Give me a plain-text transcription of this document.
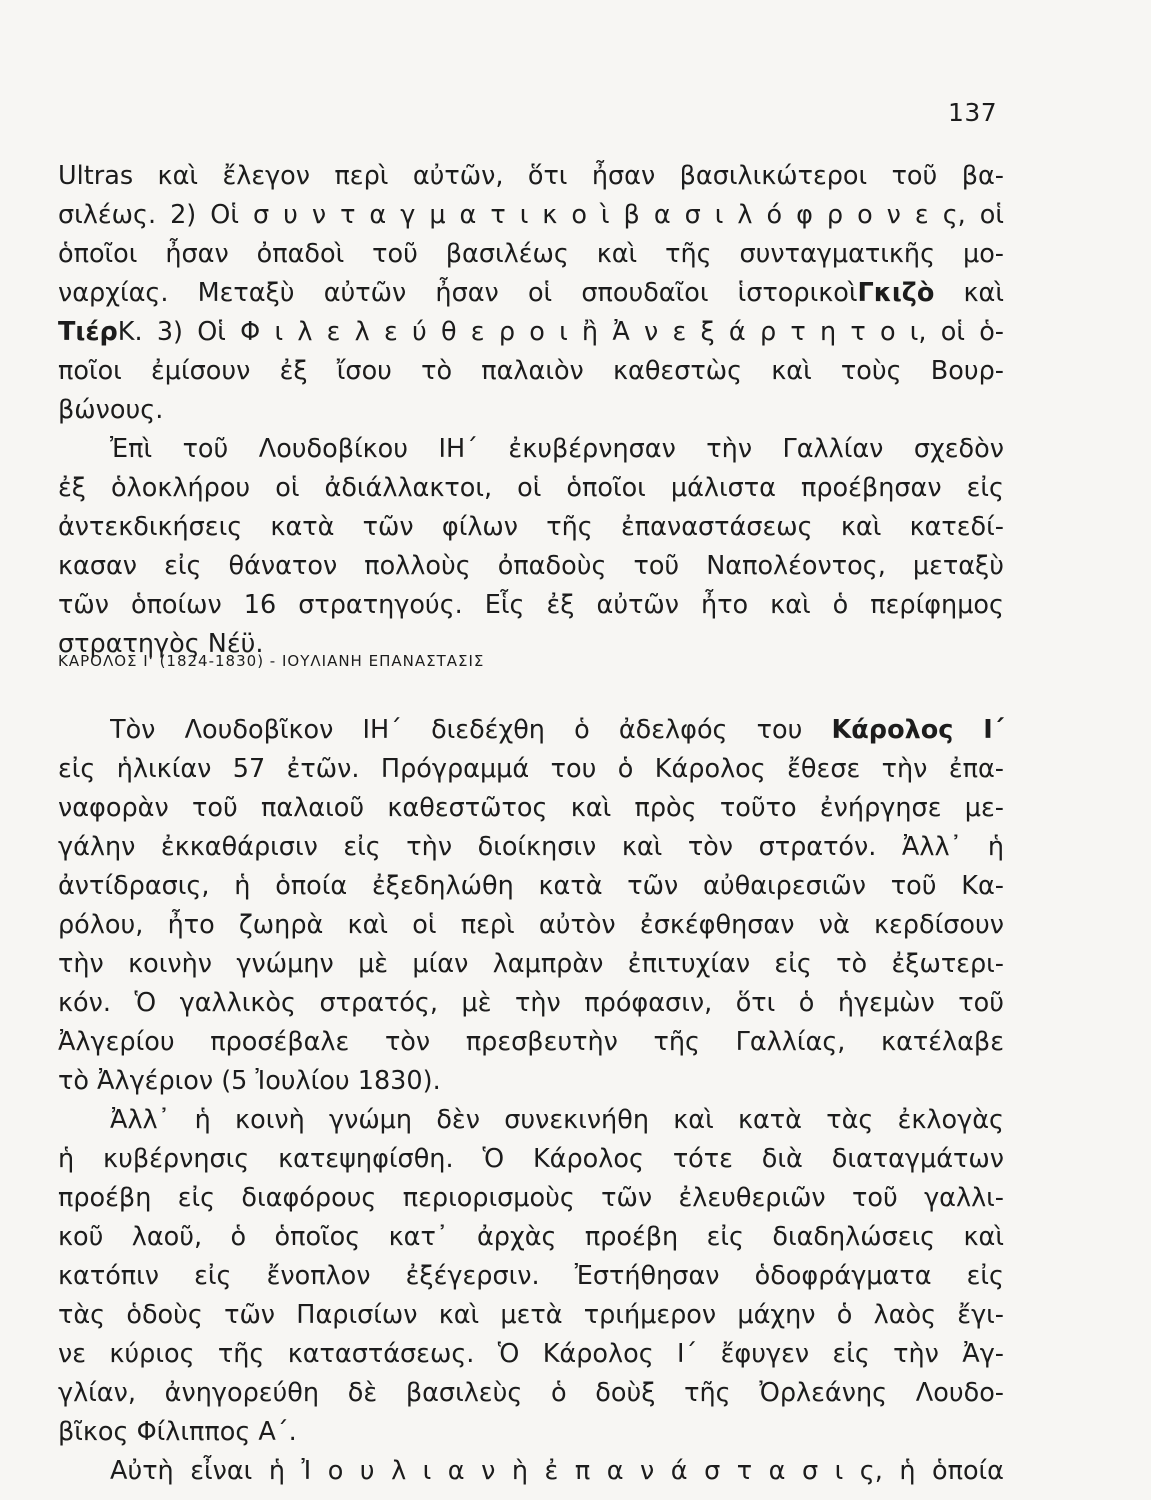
137
Ultras καὶ ἔλεγον περὶ αὐτῶν, ὅτι ἦσαν βασιλικώτεροι τοῦ βα-
σιλέως. 2) Οἱ σ υ ν τ α γ μ α τ ι κ ο ὶ β α σ ι λ ό φ ρ ο ν ε ς, οἱ
ὁποῖοι ἦσαν ὀπαδοὶ τοῦ βασιλέως καὶ τῆς συνταγματικῆς μο-
ναρχίας. Μεταξὺ αὐτῶν ἦσαν οἱ σπουδαῖοι ἱστορικοὶΓκιζὸ καὶ
ΤιέρΚ. 3) Οἱ Φ ι λ ε λ ε ύ θ ε ρ ο ι ἢ Ἀ ν ε ξ ά ρ τ η τ ο ι, οἱ ὁ-
ποῖοι ἐμίσουν ἐξ ἴσου τὸ παλαιὸν καθεστὼς καὶ τοὺς Βουρ-
βώνους.
Ἐπὶ τοῦ Λουδοβίκου ΙΗ΄ ἐκυβέρνησαν τὴν Γαλλίαν σχεδὸν
ἐξ ὁλοκλήρου οἱ ἀδιάλλακτοι, οἱ ὁποῖοι μάλιστα προέβησαν εἰς
ἀντεκδικήσεις κατὰ τῶν φίλων τῆς ἐπαναστάσεως καὶ κατεδί-
κασαν εἰς θάνατον πολλοὺς ὀπαδοὺς τοῦ Ναπολέοντος, μεταξὺ
τῶν ὁποίων 16 στρατηγούς. Εἷς ἐξ αὐτῶν ἦτο καὶ ὁ περίφημος
στρατηγὸς Νέϋ.
ΚΑΡΟΛΟΣ Ι' (1824-1830) - ΙΟΥΛΙΑΝΗ ΕΠΑΝΑΣΤΑΣΙΣ
Τὸν Λουδοβῖκον ΙΗ΄ διεδέχθη ὁ ἀδελφός του Κάρολος Ι΄
εἰς ἡλικίαν 57 ἐτῶν. Πρόγραμμά του ὁ Κάρολος ἔθεσε τὴν ἐπα-
ναφορὰν τοῦ παλαιοῦ καθεστῶτος καὶ πρὸς τοῦτο ἐνήργησε με-
γάλην ἐκκαθάρισιν εἰς τὴν διοίκησιν καὶ τὸν στρατόν. Ἀλλ᾽ ἡ
ἀντίδρασις, ἡ ὁποία ἐξεδηλώθη κατὰ τῶν αὐθαιρεσιῶν τοῦ Κα-
ρόλου, ἦτο ζωηρὰ καὶ οἱ περὶ αὐτὸν ἐσκέφθησαν νὰ κερδίσουν
τὴν κοινὴν γνώμην μὲ μίαν λαμπρὰν ἐπιτυχίαν εἰς τὸ ἐξωτερι-
κόν. Ὁ γαλλικὸς στρατός, μὲ τὴν πρόφασιν, ὅτι ὁ ἡγεμὼν τοῦ
Ἀλγερίου προσέβαλε τὸν πρεσβευτὴν τῆς Γαλλίας, κατέλαβε
τὸ Ἀλγέριον (5 Ἰουλίου 1830).
Ἀλλ᾽ ἡ κοινὴ γνώμη δὲν συνεκινήθη καὶ κατὰ τὰς ἐκλογὰς
ἡ κυβέρνησις κατεψηφίσθη. Ὁ Κάρολος τότε διὰ διαταγμάτων
προέβη εἰς διαφόρους περιορισμοὺς τῶν ἐλευθεριῶν τοῦ γαλλι-
κοῦ λαοῦ, ὁ ὁποῖος κατ᾽ ἀρχὰς προέβη εἰς διαδηλώσεις καὶ
κατόπιν εἰς ἔνοπλον ἐξέγερσιν. Ἐστήθησαν ὁδοφράγματα εἰς
τὰς ὁδοὺς τῶν Παρισίων καὶ μετὰ τριήμερον μάχην ὁ λαὸς ἔγι-
νε κύριος τῆς καταστάσεως. Ὁ Κάρολος Ι΄ ἔφυγεν εἰς τὴν Ἀγ-
γλίαν, ἀνηγορεύθη δὲ βασιλεὺς ὁ δοὺξ τῆς Ὀρλεάνης Λουδο-
βῖκος Φίλιππος Α΄.
Αὐτὴ εἶναι ἡ Ἰ ο υ λ ι α ν ὴ ἐ π α ν ά σ τ α σ ι ς, ἡ ὁποία
